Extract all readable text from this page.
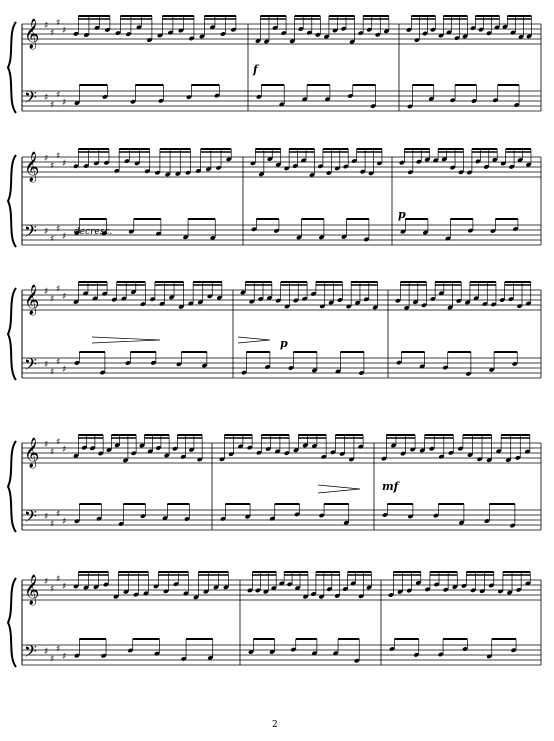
𝄞 ♯
♯
♯
♯
𝄢 ♯
♯
♯
♯
𝄞 ♯
♯
♯
♯
𝄢 ♯
♯
♯
♯
𝄞 ♯
♯
♯
♯
𝄢 ♯
♯
♯
♯
𝄞 ♯
♯
♯
♯
𝄢 ♯
♯
♯
♯
𝄞 ♯
♯
♯
♯
𝄢 ♯
♯
♯
♯
2
f
decresc.
p
p
mf
